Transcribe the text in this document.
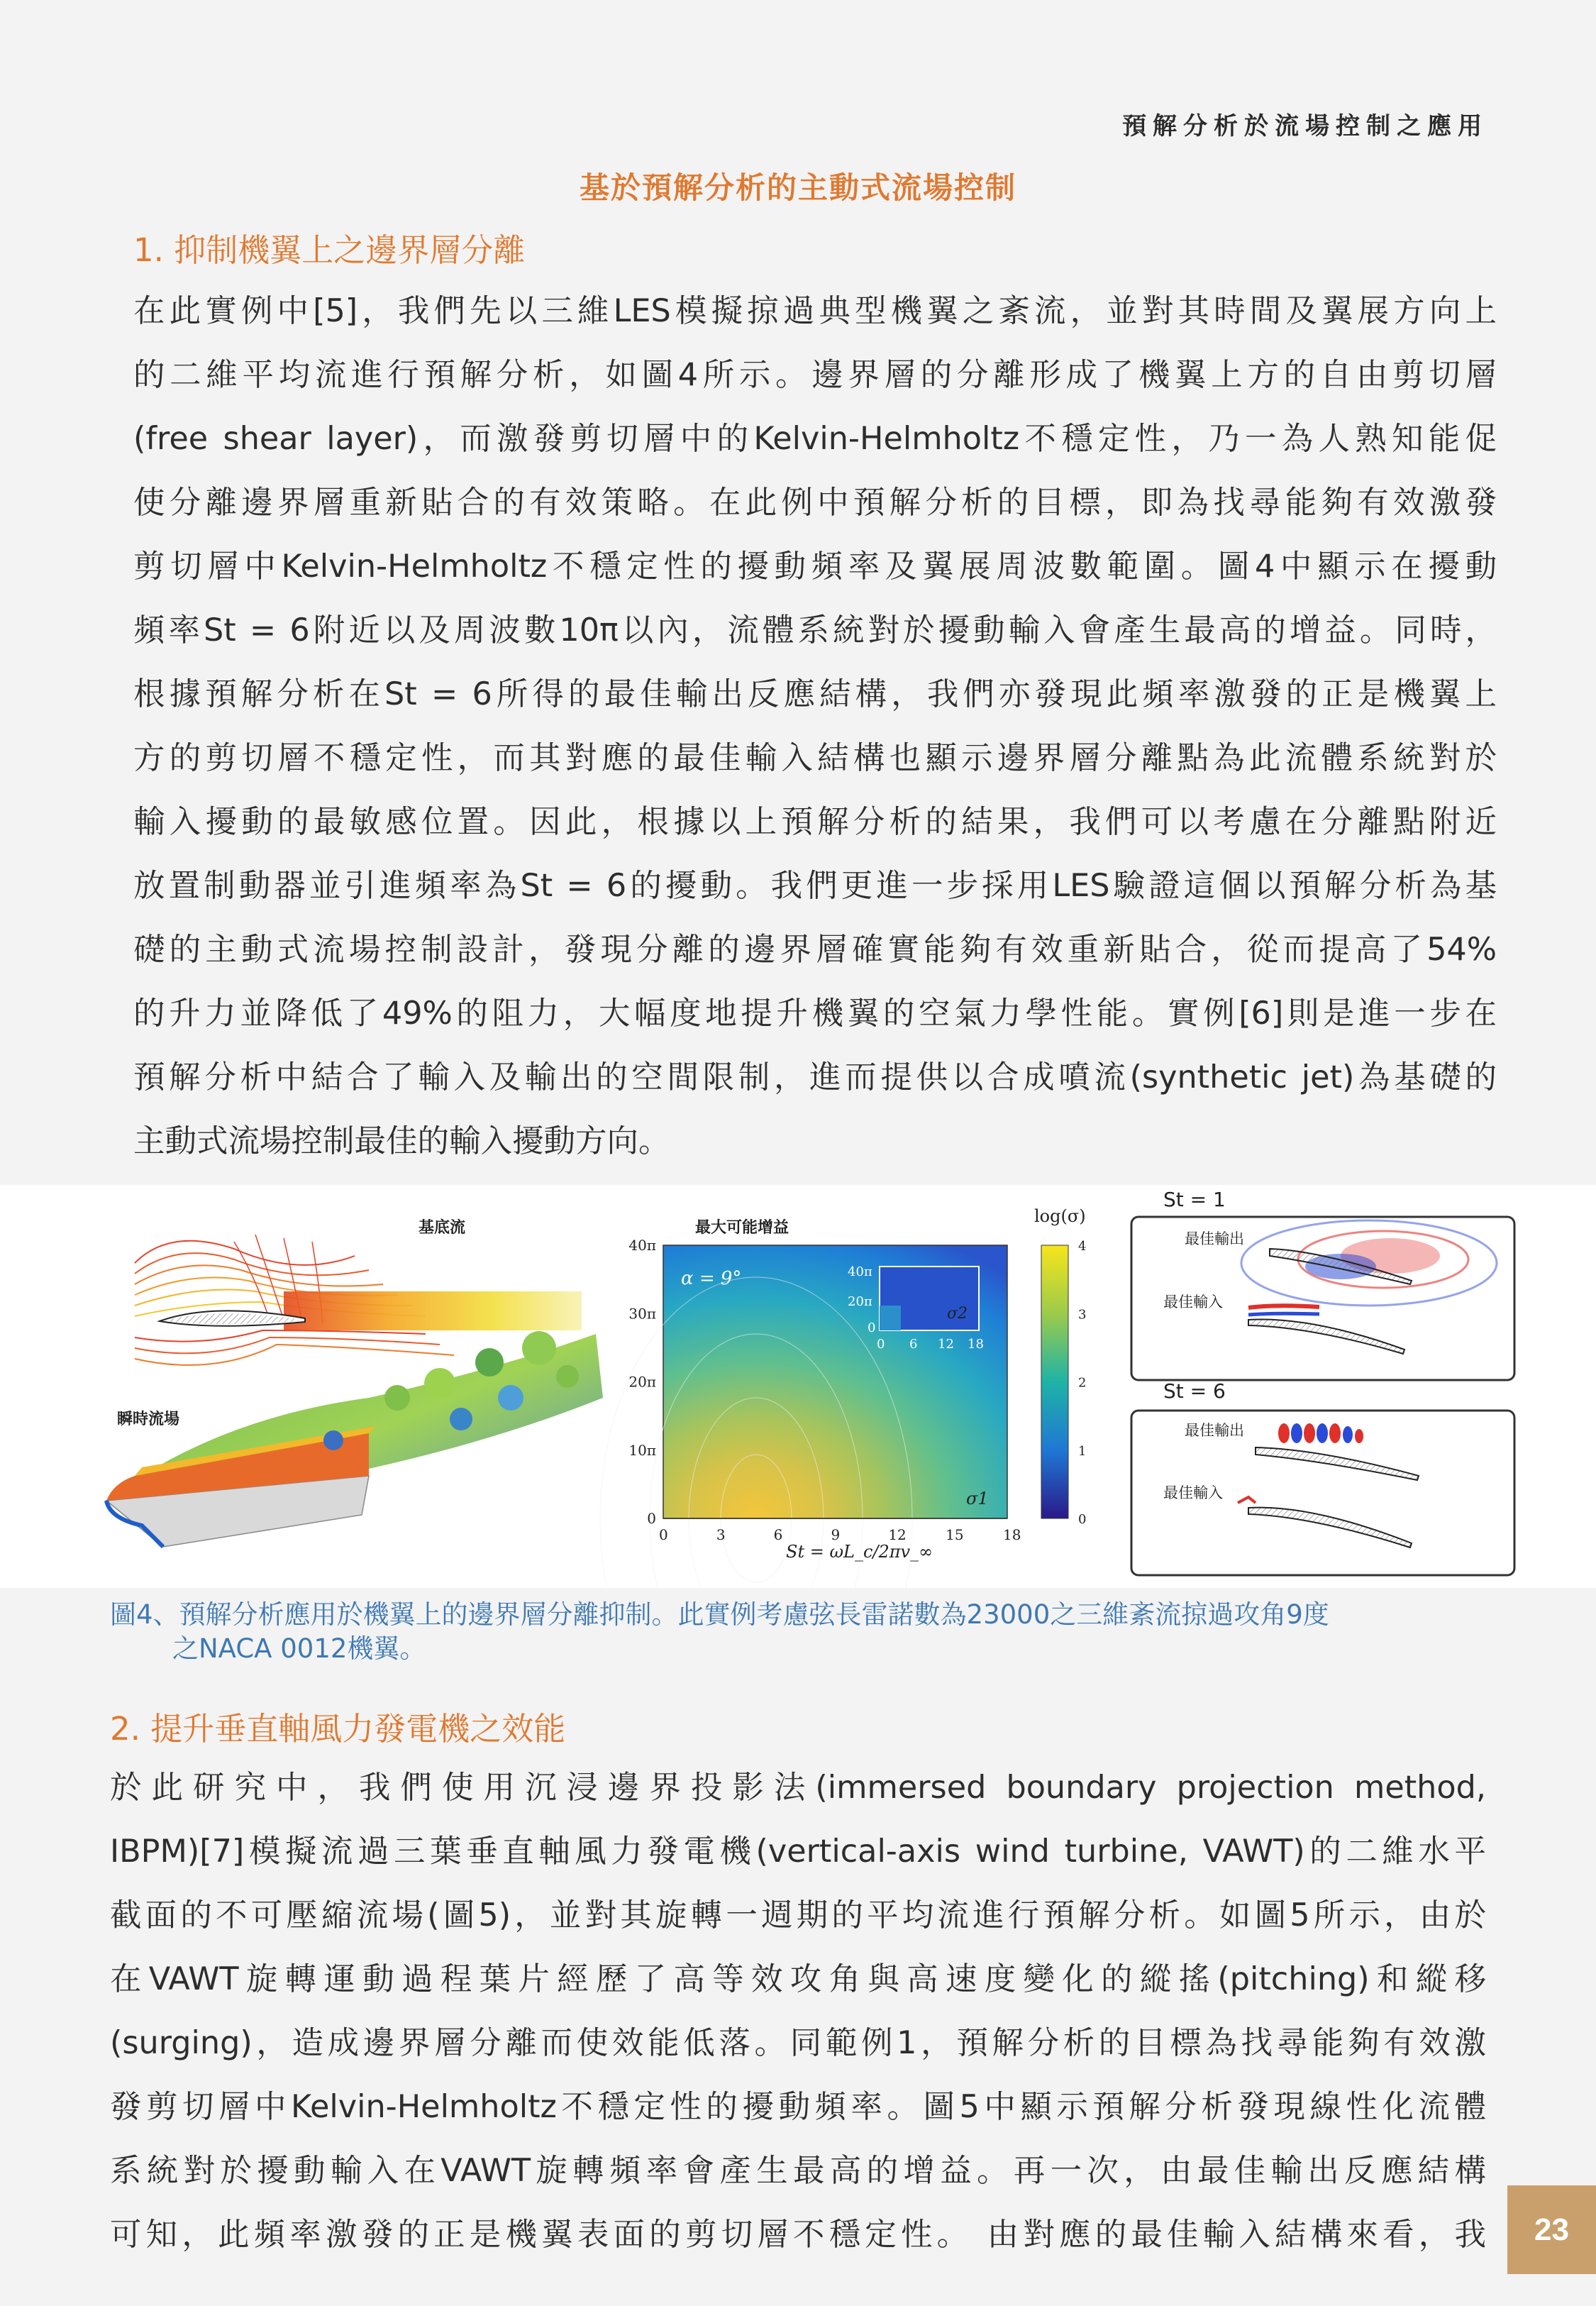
預解分析於流場控制之應用
基於預解分析的主動式流場控制
1. 抑制機翼上之邊界層分離
在此實例中[5]，我們先以三維LES模擬掠過典型機翼之紊流，並對其時間及翼展方向上
的二維平均流進行預解分析，如圖4所示。邊界層的分離形成了機翼上方的自由剪切層
(free shear layer)，而激發剪切層中的Kelvin-Helmholtz不穩定性，乃一為人熟知能促
使分離邊界層重新貼合的有效策略。在此例中預解分析的目標，即為找尋能夠有效激發
剪切層中Kelvin-Helmholtz不穩定性的擾動頻率及翼展周波數範圍。圖4中顯示在擾動
頻率St = 6附近以及周波數10π以內，流體系統對於擾動輸入會產生最高的增益。同時，
根據預解分析在St = 6所得的最佳輸出反應結構，我們亦發現此頻率激發的正是機翼上
方的剪切層不穩定性，而其對應的最佳輸入結構也顯示邊界層分離點為此流體系統對於
輸入擾動的最敏感位置。因此，根據以上預解分析的結果，我們可以考慮在分離點附近
放置制動器並引進頻率為St = 6的擾動。我們更進一步採用LES驗證這個以預解分析為基
礎的主動式流場控制設計，發現分離的邊界層確實能夠有效重新貼合，從而提高了54%
的升力並降低了49%的阻力，大幅度地提升機翼的空氣力學性能。實例[6]則是進一步在
預解分析中結合了輸入及輸出的空間限制，進而提供以合成噴流(synthetic jet)為基礎的
主動式流場控制最佳的輸入擾動方向。
基底流
瞬時流場
最大可能增益
0	3	6	9	12	15	18
0
10π
20π
30π
40π
α = 9°
σ1
St = ωL_c/2πv_∞
σ2
40π
20π
0
0 6 12 18
log(σ)
0
1
2
3
4
St = 1
最佳輸出
最佳輸入
St = 6
最佳輸出
最佳輸入
圖4、預解分析應用於機翼上的邊界層分離抑制。此實例考慮弦長雷諾數為23000之三維紊流掠過攻角9度
之NACA 0012機翼。
2. 提升垂直軸風力發電機之效能
於此研究中，我們使用沉浸邊界投影法(immersed boundary projection method,
IBPM)[7]模擬流過三葉垂直軸風力發電機(vertical-axis wind turbine, VAWT)的二維水平
截面的不可壓縮流場(圖5)，並對其旋轉一週期的平均流進行預解分析。如圖5所示，由於
在VAWT旋轉運動過程葉片經歷了高等效攻角與高速度變化的縱搖(pitching)和縱移
(surging)，造成邊界層分離而使效能低落。同範例1，預解分析的目標為找尋能夠有效激
發剪切層中Kelvin-Helmholtz不穩定性的擾動頻率。圖5中顯示預解分析發現線性化流體
系統對於擾動輸入在VAWT旋轉頻率會產生最高的增益。再一次，由最佳輸出反應結構
可知，此頻率激發的正是機翼表面的剪切層不穩定性。 由對應的最佳輸入結構來看，我	23
